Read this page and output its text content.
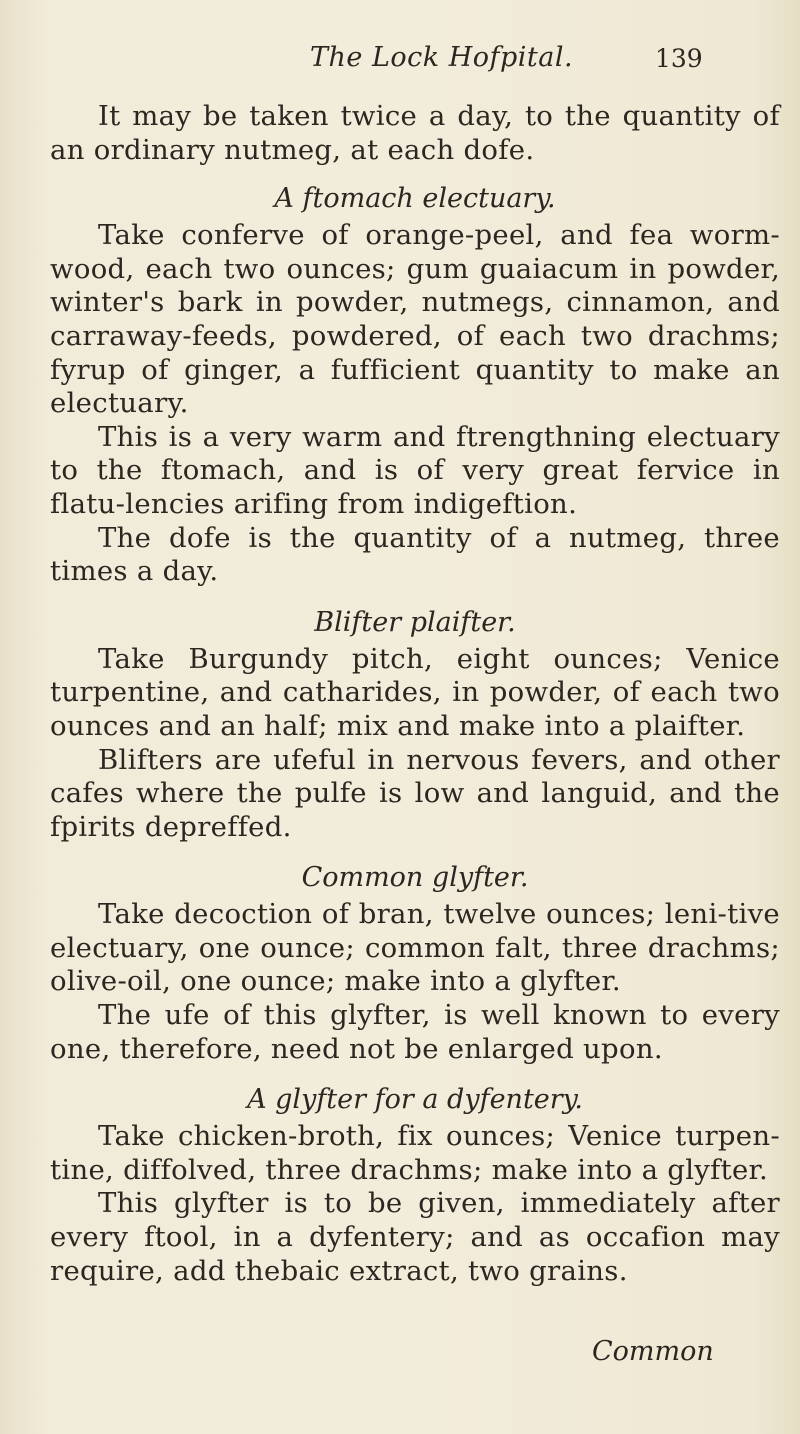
The Lock Hofpital.	139

It may be taken twice a day, to the quantity of an ordinary nutmeg, at each dofe.

A ftomach electuary.

Take conferve of orange-peel, and fea worm-wood, each two ounces; gum guaiacum in powder, winter's bark in powder, nutmegs, cinnamon, and carraway-feeds, powdered, of each two drachms; fyrup of ginger, a fufficient quantity to make an electuary.

This is a very warm and ftrengthning electuary to the ftomach, and is of very great fervice in flatu-lencies arifing from indigeftion.

The dofe is the quantity of a nutmeg, three times a day.

Blifter plaifter.

Take Burgundy pitch, eight ounces; Venice turpentine, and catharides, in powder, of each two ounces and an half; mix and make into a plaifter.

Blifters are ufeful in nervous fevers, and other cafes where the pulfe is low and languid, and the fpirits depreffed.

Common glyfter.

Take decoction of bran, twelve ounces; leni-tive electuary, one ounce; common falt, three drachms; olive-oil, one ounce; make into a glyfter.

The ufe of this glyfter, is well known to every one, therefore, need not be enlarged upon.

A glyfter for a dyfentery.

Take chicken-broth, fix ounces; Venice turpen-tine, diffolved, three drachms; make into a glyfter.

This glyfter is to be given, immediately after every ftool, in a dyfentery; and as occafion may require, add thebaic extract, two grains.

Common
